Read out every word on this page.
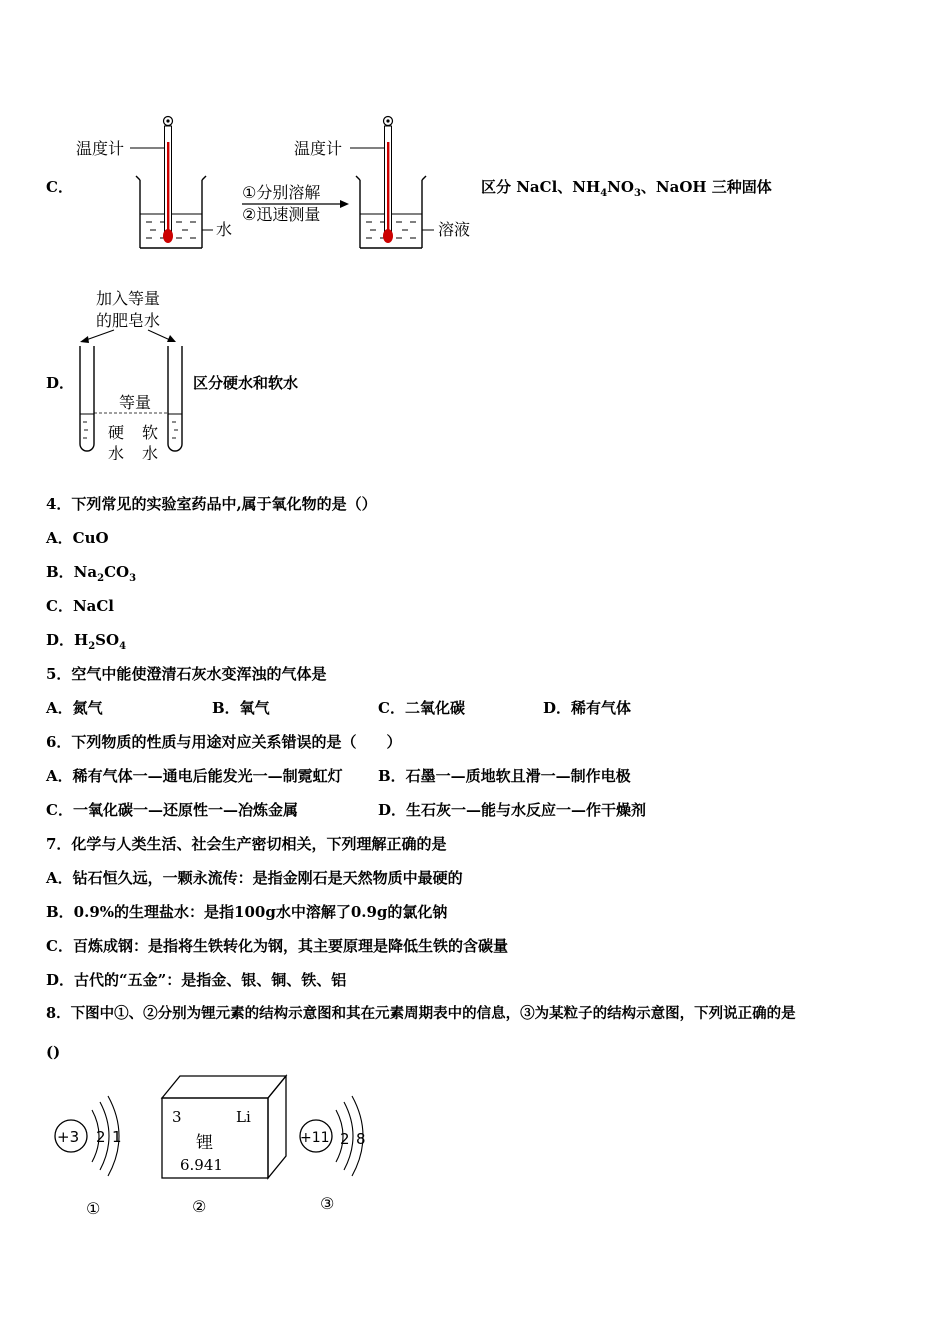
C．
温度计
水
①分别溶解
②迅速测量
温度计
溶液
区分 NaCl、$NH_4NO_3$、NaOH 三种固体
D．
加入等量
的肥皂水
等量
硬
水
软
水
区分硬水和软水
4．下列常见的实验室药品中,属于氧化物的是（）
A．CuO
B．$Na_2CO_3$
C．NaCl
D．$H_2SO_4$
5．空气中能使澄清石灰水变浑浊的气体是
A．氮气	B．氧气	C．二氧化碳	D．稀有气体
6．下列物质的性质与用途对应关系错误的是（　　）
A．稀有气体一—通电后能发光一—制霓虹灯 B．石墨一—质地软且滑一—制作电极
C．一氧化碳一—还原性一—冶炼金属	D．生石灰一—能与水反应一—作干燥剂
7．化学与人类生活、社会生产密切相关，下列理解正确的是
A．钻石恒久远，一颗永流传：是指金刚石是天然物质中最硬的
B．0.9%的生理盐水：是指100g水中溶解了0.9g的氯化钠
C．百炼成钢：是指将生铁转化为钢，其主要原理是降低生铁的含碳量
D．古代的“五金”：是指金、银、铜、铁、铝
8．下图中①、②分别为锂元素的结构示意图和其在元素周期表中的信息，③为某粒子的结构示意图，下列说正确的是
()
+3 2 1
①
3	Li
锂
6.941
②
+11 2 8
③
